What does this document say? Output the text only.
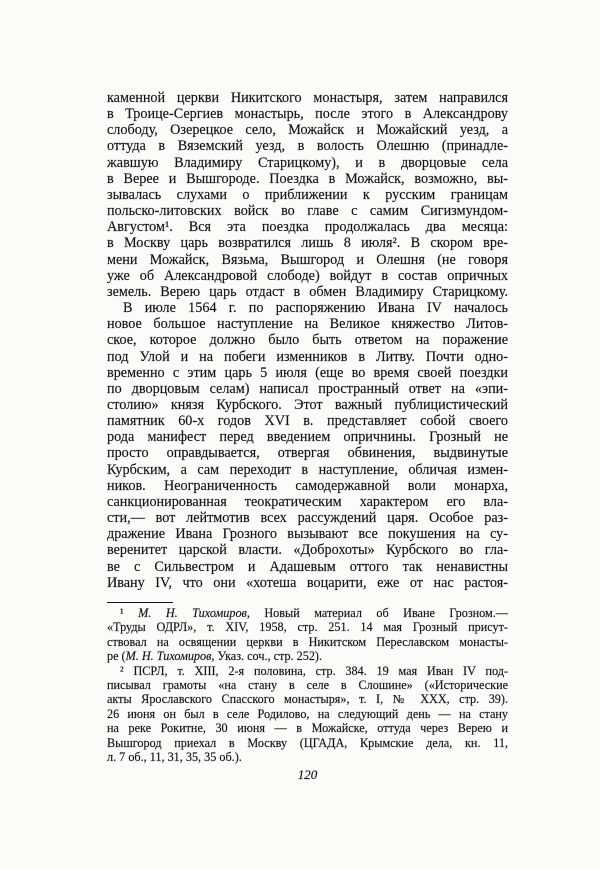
каменной церкви Никитского монастыря, затем направился
в Троице-Сергиев монастырь, после этого в Александрову
слободу, Озерецкое село, Можайск и Можайский уезд, а
оттуда в Вяземский уезд, в волость Олешню (принадле-
жавшую Владимиру Старицкому), и в дворцовые села
в Верее и Вышгороде. Поездка в Можайск, возможно, вы-
зывалась слухами о приближении к русским границам
польско-литовских войск во главе с самим Сигизмундом-
Августом¹. Вся эта поездка продолжалась два месяца:
в Москву царь возвратился лишь 8 июля². В скором вре-
мени Можайск, Вязьма, Вышгород и Олешня (не говоря
уже об Александровой слободе) войдут в состав опричных
земель. Верею царь отдаст в обмен Владимиру Старицкому.
В июле 1564 г. по распоряжению Ивана IV началось
новое большое наступление на Великое княжество Литов-
ское, которое должно было быть ответом на поражение
под Улой и на побеги изменников в Литву. Почти одно-
временно с этим царь 5 июля (еще во время своей поездки
по дворцовым селам) написал пространный ответ на «эпи-
столию» князя Курбского. Этот важный публицистический
памятник 60-х годов XVI в. представляет собой своего
рода манифест перед введением опричнины. Грозный не
просто оправдывается, отвергая обвинения, выдвинутые
Курбским, а сам переходит в наступление, обличая измен-
ников. Неограниченность самодержавной воли монарха,
санкционированная теократическим характером его вла-
сти,— вот лейтмотив всех рассуждений царя. Особое раз-
дражение Ивана Грозного вызывают все покушения на су-
веренитет царской власти. «Доброхоты» Курбского во гла-
ве с Сильвестром и Адашевым оттого так ненавистны
Ивану IV, что они «хотеша воцарити, еже от нас растоя-
¹ М. Н. Тихомиров, Новый материал об Иване Грозном.—
«Труды ОДРЛ», т. XIV, 1958, стр. 251. 14 мая Грозный присут-
ствовал на освящении церкви в Никитском Переславском монасты-
ре (М. Н. Тихомиров, Указ. соч., стр. 252).
² ПСРЛ, т. XIII, 2-я половина, стр. 384. 19 мая Иван IV под-
писывал грамоты «на стану в селе в Слошине» («Исторические
акты Ярославского Спасского монастыря», т. I, № XXX, стр. 39).
26 июня он был в селе Родилово, на следующий день — на стану
на реке Рокитне, 30 июня — в Можайске, оттуда через Верею и
Вышгород приехал в Москву (ЦГАДА, Крымские дела, кн. 11,
л. 7 об., 11, 31, 35, 35 об.).
120
